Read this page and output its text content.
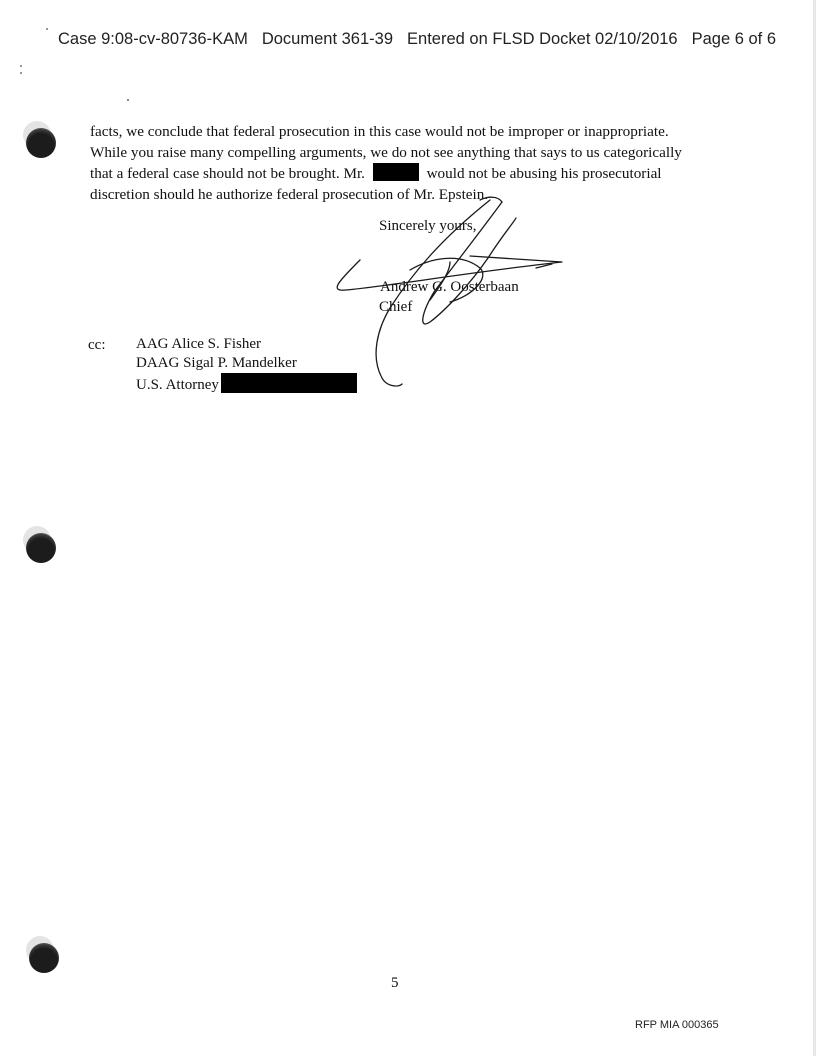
Case 9:08-cv-80736-KAM Document 361-39 Entered on FLSD Docket 02/10/2016 Page 6 of 6
facts, we conclude that federal prosecution in this case would not be improper or inappropriate.
While you raise many compelling arguments, we do not see anything that says to us categorically
that a federal case should not be brought. Mr.	would not be abusing his prosecutorial
discretion should he authorize federal prosecution of Mr. Epstein.
Sincerely yours,
Andrew G. Oosterbaan
Chief
cc: AAG Alice S. Fisher
DAAG Sigal P. Mandelker
U.S. Attorney
5
RFP MIA 000365
